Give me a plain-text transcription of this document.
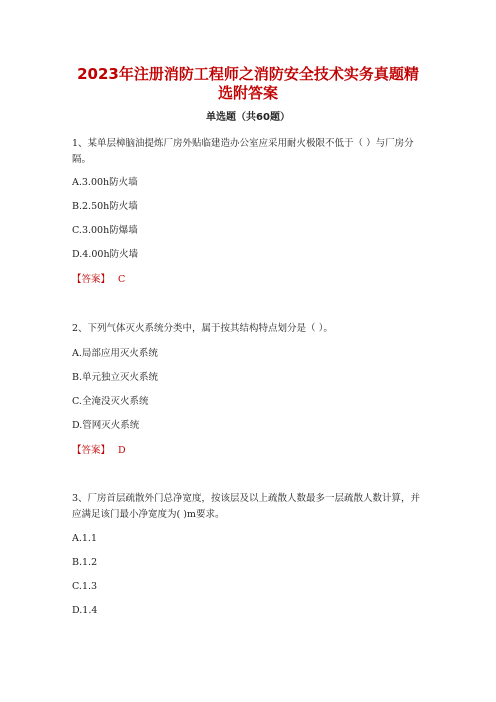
2023年注册消防工程师之消防安全技术实务真题精
选附答案
单选题（共60题）
1、某单层樟脑油提炼厂房外贴临建造办公室应采用耐火极限不低于（ ）与厂房分隔。
A.3.00h防火墙
B.2.50h防火墙
C.3.00h防爆墙
D.4.00h防火墙
【答案】 C
2、下列气体灭火系统分类中，属于按其结构特点划分是（ ）。
A.局部应用灭火系统
B.单元独立灭火系统
C.全淹没灭火系统
D.管网灭火系统
【答案】 D
3、厂房首层疏散外门总净宽度，按该层及以上疏散人数最多一层疏散人数计算，并应满足该门最小净宽度为( )m要求。
A.1.1
B.1.2
C.1.3
D.1.4
